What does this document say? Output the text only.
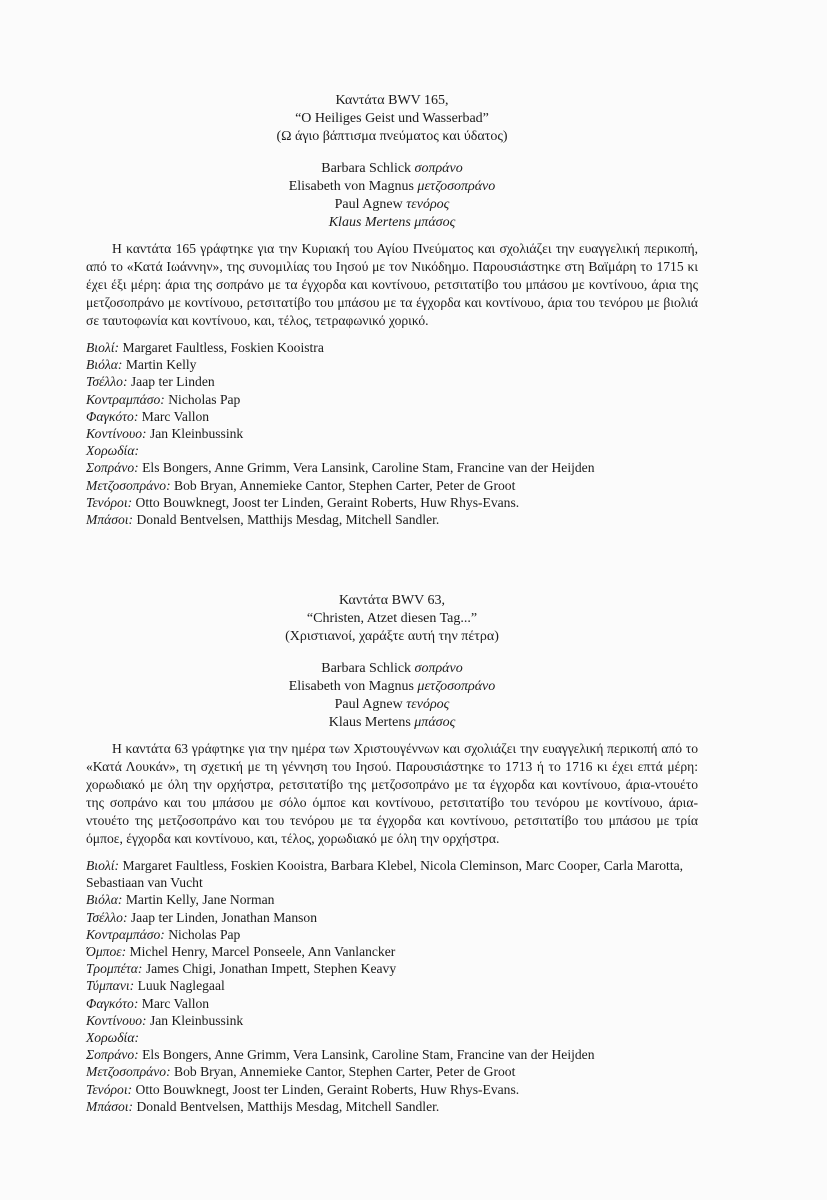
Καντάτα BWV 165,
“O Heiliges Geist und Wasserbad”
(Ω άγιο βάπτισμα πνεύματος και ύδατος)
Barbara Schlick σοπράνο
Elisabeth von Magnus μετζοσοπράνο
Paul Agnew τενόρος
Klaus Mertens μπάσος
Η καντάτα 165 γράφτηκε για την Κυριακή του Αγίου Πνεύματος και σχολιάζει την ευαγγελική περικοπή, από το «Κατά Ιωάννην», της συνομιλίας του Ιησού με τον Νικόδημο. Παρουσιάστηκε στη Βαϊμάρη το 1715 κι έχει έξι μέρη: άρια της σοπράνο με τα έγχορδα και κοντίνουο, ρετσιτατίβο του μπάσου με κοντίνουο, άρια της μετζοσοπράνο με κοντίνουο, ρετσιτατίβο του μπάσου με τα έγχορδα και κοντίνουο, άρια του τενόρου με βιολιά σε ταυτοφωνία και κοντίνουο, και, τέλος, τετραφωνικό χορικό.
Βιολί: Margaret Faultless, Foskien Kooistra
Βιόλα: Martin Kelly
Τσέλλο: Jaap ter Linden
Κοντραμπάσο: Nicholas Pap
Φαγκότο: Marc Vallon
Κοντίνουο: Jan Kleinbussink
Χορωδία:
Σοπράνο: Els Bongers, Anne Grimm, Vera Lansink, Caroline Stam, Francine van der Heijden
Μετζοσοπράνο: Bob Bryan, Annemieke Cantor, Stephen Carter, Peter de Groot
Τενόροι: Otto Bouwknegt, Joost ter Linden, Geraint Roberts, Huw Rhys-Evans.
Μπάσοι: Donald Bentvelsen, Matthijs Mesdag, Mitchell Sandler.
Καντάτα BWV 63,
“Christen, Atzet diesen Tag...”
(Χριστιανοί, χαράξτε αυτή την πέτρα)
Barbara Schlick σοπράνο
Elisabeth von Magnus μετζοσοπράνο
Paul Agnew τενόρος
Klaus Mertens μπάσος
Η καντάτα 63 γράφτηκε για την ημέρα των Χριστουγέννων και σχολιάζει την ευαγγελική περικοπή από το «Κατά Λουκάν», τη σχετική με τη γέννηση του Ιησού. Παρουσιάστηκε το 1713 ή το 1716 κι έχει επτά μέρη: χορωδιακό με όλη την ορχήστρα, ρετσιτατίβο της μετζοσοπράνο με τα έγχορδα και κοντίνουο, άρια-ντουέτο της σοπράνο και του μπάσου με σόλο όμποε και κοντίνουο, ρετσιτατίβο του τενόρου με κοντίνουο, άρια-ντουέτο της μετζοσοπράνο και του τενόρου με τα έγχορδα και κοντίνουο, ρετσιτατίβο του μπάσου με τρία όμποε, έγχορδα και κοντίνουο, και, τέλος, χορωδιακό με όλη την ορχήστρα.
Βιολί: Margaret Faultless, Foskien Kooistra, Barbara Klebel, Nicola Cleminson, Marc Cooper, Carla Marotta, Sebastiaan van Vucht
Βιόλα: Martin Kelly, Jane Norman
Τσέλλο: Jaap ter Linden, Jonathan Manson
Κοντραμπάσο: Nicholas Pap
Όμποε: Michel Henry, Marcel Ponseele, Ann Vanlancker
Τρομπέτα: James Chigi, Jonathan Impett, Stephen Keavy
Τύμπανι: Luuk Naglegaal
Φαγκότο: Marc Vallon
Κοντίνουο: Jan Kleinbussink
Χορωδία:
Σοπράνο: Els Bongers, Anne Grimm, Vera Lansink, Caroline Stam, Francine van der Heijden
Μετζοσοπράνο: Bob Bryan, Annemieke Cantor, Stephen Carter, Peter de Groot
Τενόροι: Otto Bouwknegt, Joost ter Linden, Geraint Roberts, Huw Rhys-Evans.
Μπάσοι: Donald Bentvelsen, Matthijs Mesdag, Mitchell Sandler.
